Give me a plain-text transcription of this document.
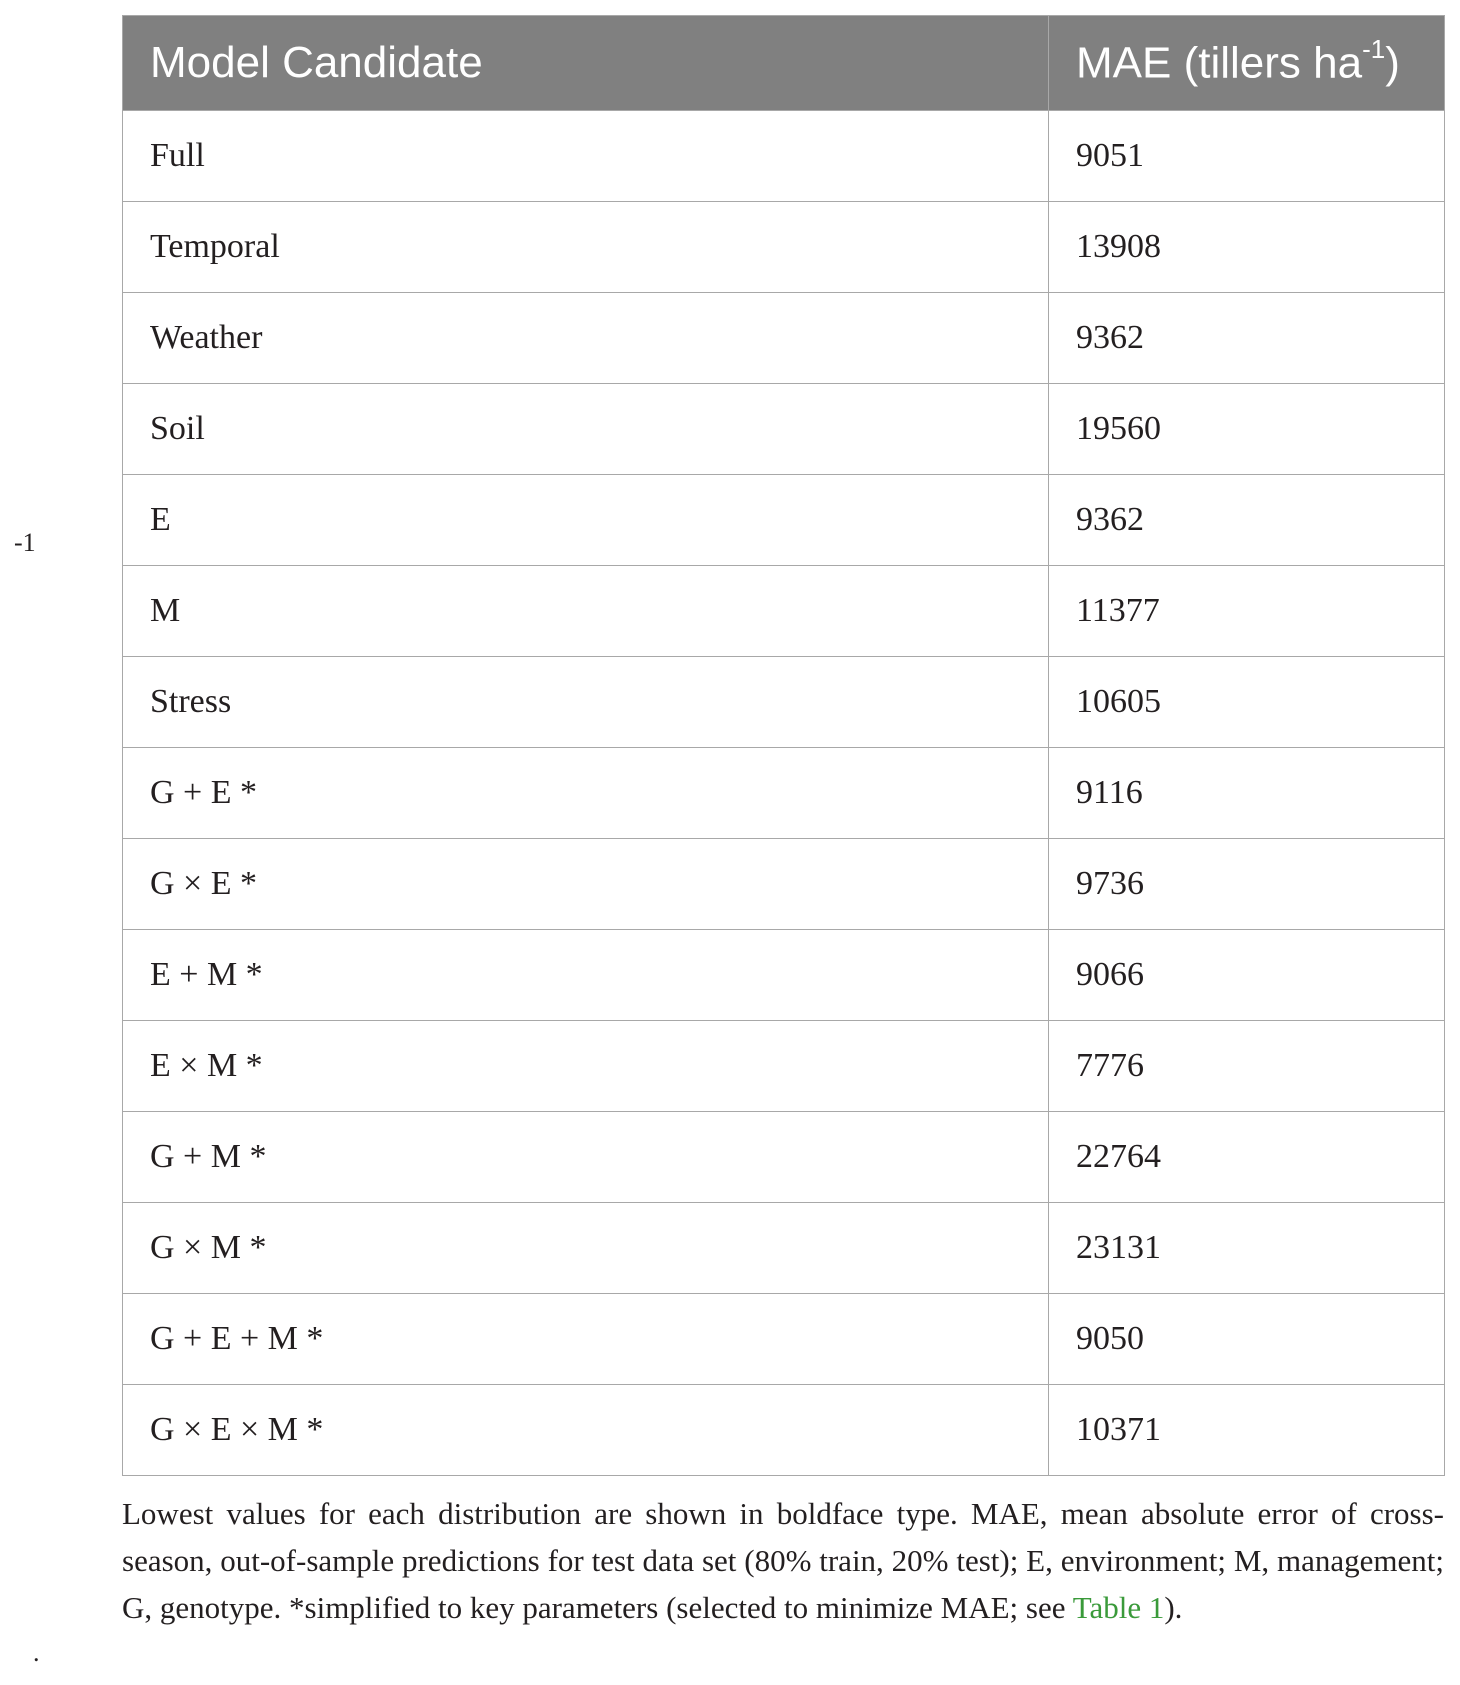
-1
.
Model Candidate	MAE (tillers $ha^{-1}$)
Full	9051
Temporal	13908
Weather	9362
Soil	19560
E	9362
M	11377
Stress	10605
G + E *	9116
G × E *	9736
E + M *	9066
E × M *	7776
G + M *	22764
G × M *	23131
G + E + M *	9050
G × E × M *	10371
Lowest values for each distribution are shown in boldface type. MAE, mean absolute error of cross-season, out-of-sample predictions for test data set (80% train, 20% test); E, environment; M, management; G, genotype. *simplified to key parameters (selected to minimize MAE; see Table 1).
